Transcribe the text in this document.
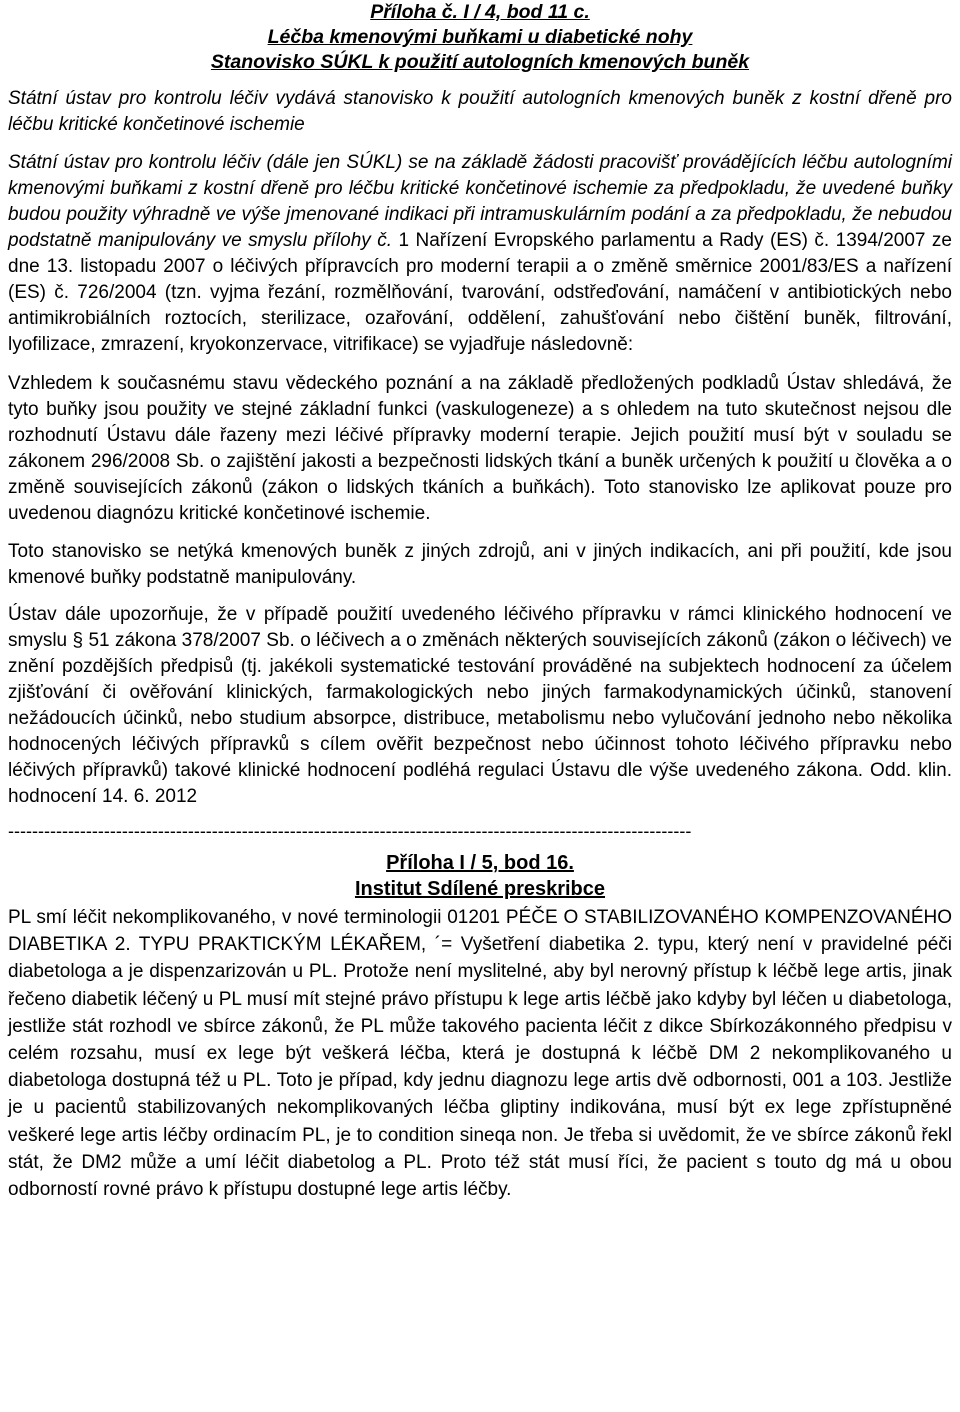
Příloha č. I / 4, bod 11 c.

Léčba kmenovými buňkami u diabetické nohy

Stanovisko SÚKL k použití autologních kmenových buněk

Státní ústav pro kontrolu léčiv vydává stanovisko k použití autologních kmenových buněk z kostní dřeně pro léčbu kritické končetinové ischemie

Státní ústav pro kontrolu léčiv (dále jen SÚKL) se na základě žádosti pracovišť provádějících léčbu autologními kmenovými buňkami z kostní dřeně pro léčbu kritické končetinové ischemie za předpokladu, že uvedené buňky budou použity výhradně ve výše jmenované indikaci při intramuskulárním podání a za předpokladu, že nebudou podstatně manipulovány ve smyslu přílohy č. 1 Nařízení Evropského parlamentu a Rady (ES) č. 1394/2007 ze dne 13. listopadu 2007 o léčivých přípravcích pro moderní terapii a o změně směrnice 2001/83/ES a nařízení (ES) č. 726/2004 (tzn. vyjma řezání, rozmělňování, tvarování, odstřeďování, namáčení v antibiotických nebo antimikrobiálních roztocích, sterilizace, ozařování, oddělení, zahušťování nebo čištění buněk, filtrování, lyofilizace, zmrazení, kryokonzervace, vitrifikace) se vyjadřuje následovně:

Vzhledem k současnému stavu vědeckého poznání a na základě předložených podkladů Ústav shledává, že tyto buňky jsou použity ve stejné základní funkci (vaskulogeneze) a s ohledem na tuto skutečnost nejsou dle rozhodnutí Ústavu dále řazeny mezi léčivé přípravky moderní terapie. Jejich použití musí být v souladu se zákonem 296/2008 Sb. o zajištění jakosti a bezpečnosti lidských tkání a buněk určených k použití u člověka a o změně souvisejících zákonů (zákon o lidských tkáních a buňkách). Toto stanovisko lze aplikovat pouze pro uvedenou diagnózu kritické končetinové ischemie.

Toto stanovisko se netýká kmenových buněk z jiných zdrojů, ani v jiných indikacích, ani při použití, kde jsou kmenové buňky podstatně manipulovány.

Ústav dále upozorňuje, že v případě použití uvedeného léčivého přípravku v rámci klinického hodnocení ve smyslu § 51 zákona 378/2007 Sb. o léčivech a o změnách některých souvisejících zákonů (zákon o léčivech) ve znění pozdějších předpisů (tj. jakékoli systematické testování prováděné na subjektech hodnocení za účelem zjišťování či ověřování klinických, farmakologických nebo jiných farmakodynamických účinků, stanovení nežádoucích účinků, nebo studium absorpce, distribuce, metabolismu nebo vylučování jednoho nebo několika hodnocených léčivých přípravků s cílem ověřit bezpečnost nebo účinnost tohoto léčivého přípravku nebo léčivých přípravků) takové klinické hodnocení podléhá regulaci Ústavu dle výše uvedeného zákona. Odd. klin. hodnocení 14. 6. 2012

------------------------------------------------------------------------------------------------------------------

Příloha I / 5, bod 16.

Institut Sdílené preskribce

PL smí léčit nekomplikovaného, v nové terminologii 01201 PÉČE O STABILIZOVANÉHO KOMPENZOVANÉHO DIABETIKA 2. TYPU PRAKTICKÝM LÉKAŘEM, ´= Vyšetření diabetika 2. typu, který není v pravidelné péči diabetologa a je dispenzarizován u PL. Protože není myslitelné, aby byl nerovný přístup k léčbě lege artis, jinak řečeno diabetik léčený u PL musí mít stejné právo přístupu k lege artis léčbě jako kdyby byl léčen u diabetologa, jestliže stát rozhodl ve sbírce zákonů, že PL může takového pacienta léčit z dikce Sbírkozákonného předpisu v celém rozsahu, musí ex lege být veškerá léčba, která je dostupná k léčbě DM 2 nekomplikovaného u diabetologa dostupná též u PL. Toto je případ, kdy jednu diagnozu lege artis dvě odbornosti, 001 a 103. Jestliže je u pacientů stabilizovaných nekomplikovaných léčba gliptiny indikována, musí být ex lege zpřístupněné veškeré lege artis léčby ordinacím PL, je to condition sineqa non. Je třeba si uvědomit, že ve sbírce zákonů řekl stát, že DM2 může a umí léčit diabetolog a PL. Proto též stát musí říci, že pacient s touto dg má u obou odborností rovné právo k přístupu dostupné lege artis léčby.
